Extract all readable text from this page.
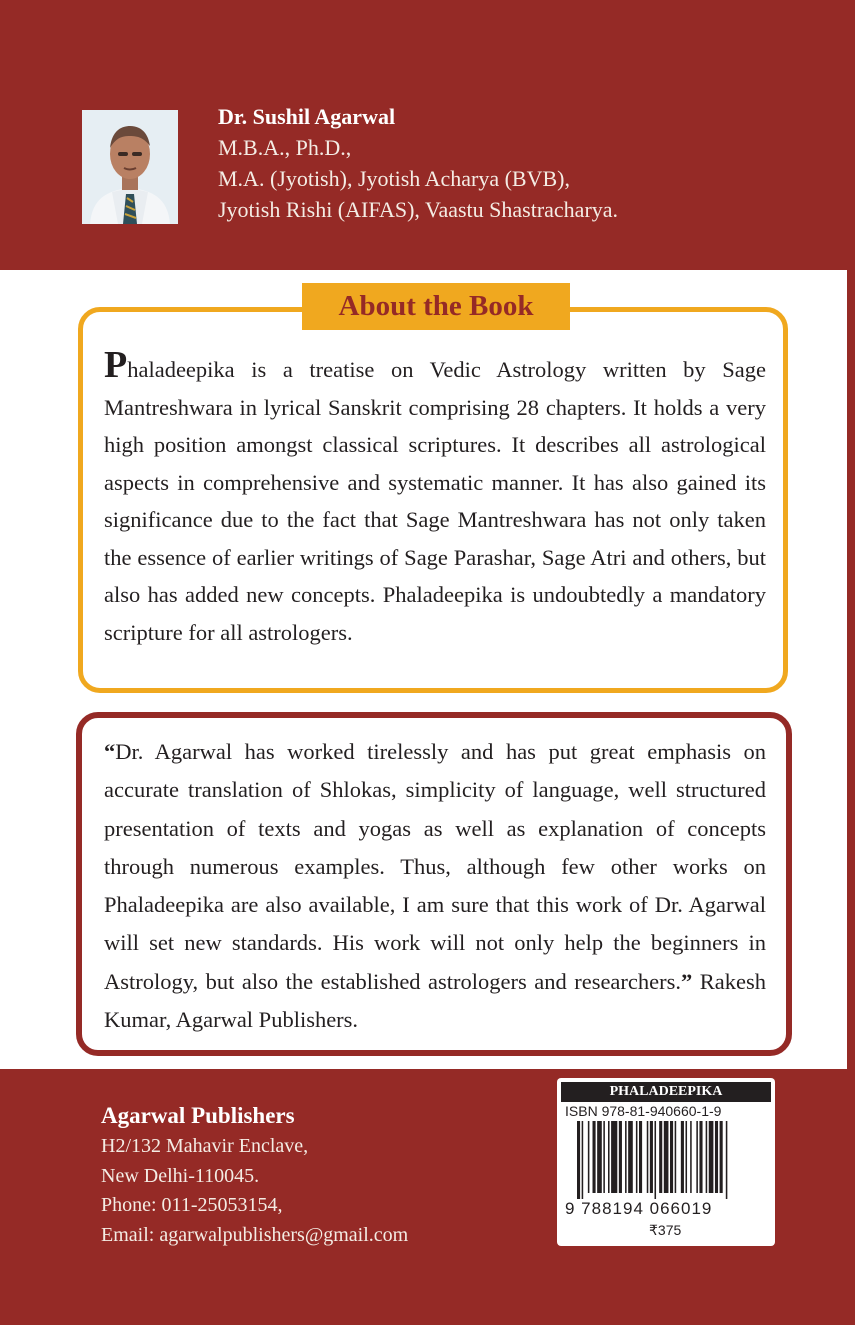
Dr. Sushil Agarwal
M.B.A., Ph.D.,
M.A. (Jyotish), Jyotish Acharya (BVB),
Jyotish Rishi (AIFAS), Vaastu Shastracharya.
About the Book
Phaladeepika is a treatise on Vedic Astrology written by Sage Mantreshwara in lyrical Sanskrit comprising 28 chapters. It holds a very high position amongst classical scriptures. It describes all astrological aspects in comprehensive and systematic manner. It has also gained its significance due to the fact that Sage Mantreshwara has not only taken the essence of earlier writings of Sage Parashar, Sage Atri and others, but also has added new concepts. Phaladeepika is undoubtedly a mandatory scripture for all astrologers.
“Dr. Agarwal has worked tirelessly and has put great emphasis on accurate translation of Shlokas, simplicity of language, well structured presentation of texts and yogas as well as explanation of concepts through numerous examples. Thus, although few other works on Phaladeepika are also available, I am sure that this work of Dr. Agarwal will set new standards. His work will not only help the beginners in Astrology, but also the established astrologers and researchers.” Rakesh Kumar, Agarwal Publishers.
Agarwal Publishers
H2/132 Mahavir Enclave,
New Delhi-110045.
Phone: 011-25053154,
Email: agarwalpublishers@gmail.com
PHALADEEPIKA
ISBN 978-81-940660-1-9
9 788194 066019
₹375
